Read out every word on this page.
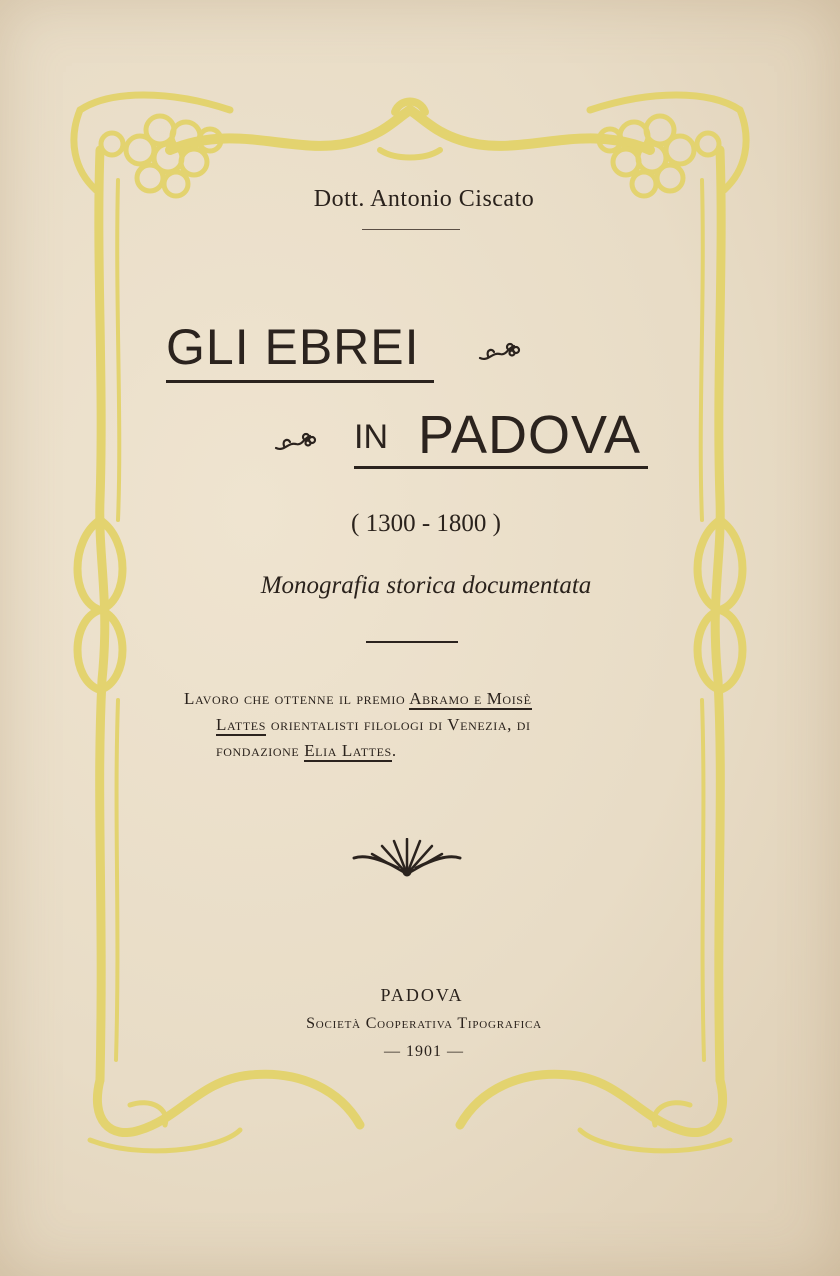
Dott. Antonio Ciscato
GLI EBREI
IN PADOVA
( 1300 - 1800 )
Monografia storica documentata
Lavoro che ottenne il premio Abramo e Moisè
Lattes orientalisti filologi di Venezia, di
fondazione Elia Lattes.
PADOVA
Società Cooperativa Tipografica
— 1901 —
